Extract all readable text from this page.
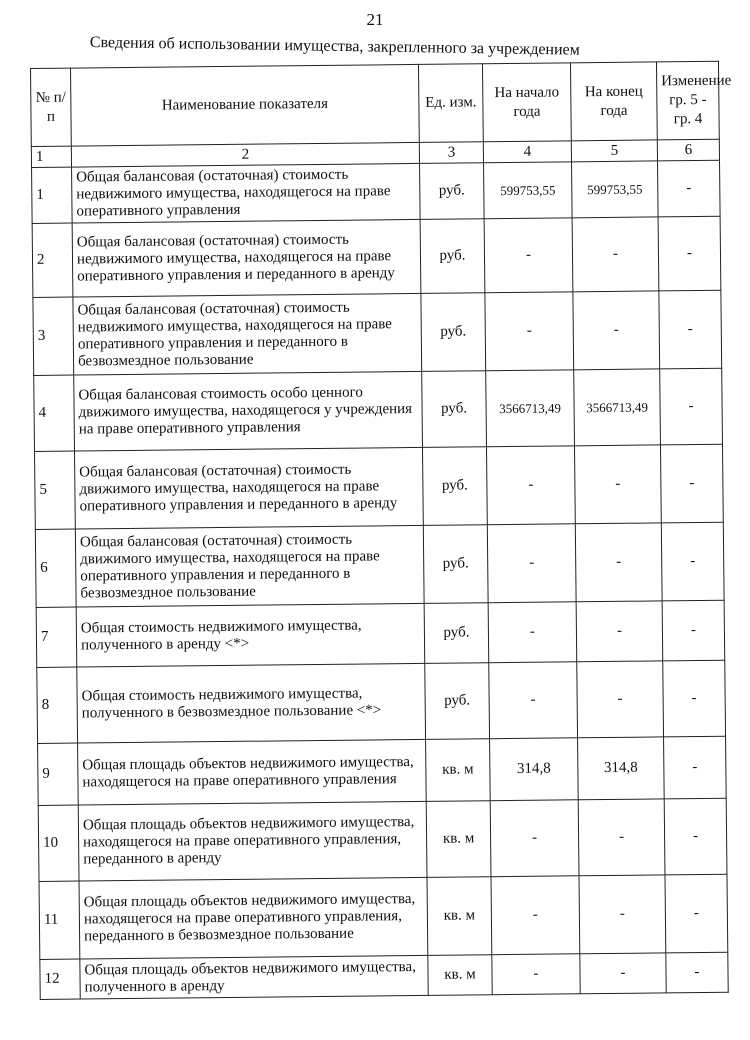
21
Сведения об использовании имущества, закрепленного за учреждением
№ п/п	Наименование показателя	Ед. изм.	На начало года	На конец года	Изменение гр. 5 - гр. 4
1	2	3	4	5	6
1	Общая балансовая (остаточная) стоимость недвижимого имущества, находящегося на праве оперативного управления	руб.	599753,55	599753,55	-
2	Общая балансовая (остаточная) стоимость недвижимого имущества, находящегося на праве оперативного управления и переданного в аренду	руб.	-	-	-
3	Общая балансовая (остаточная) стоимость недвижимого имущества, находящегося на праве оперативного управления и переданного в безвозмездное пользование	руб.	-	-	-
4	Общая балансовая стоимость особо ценного движимого имущества, находящегося у учреждения на праве оперативного управления	руб.	3566713,49	3566713,49	-
5	Общая балансовая (остаточная) стоимость движимого имущества, находящегося на праве оперативного управления и переданного в аренду	руб.	-	-	-
6	Общая балансовая (остаточная) стоимость движимого имущества, находящегося на праве оперативного управления и переданного в безвозмездное пользование	руб.	-	-	-
7	Общая стоимость недвижимого имущества, полученного в аренду <*>	руб.	-	-	-
8	Общая стоимость недвижимого имущества, полученного в безвозмездное пользование <*>	руб.	-	-	-
9	Общая площадь объектов недвижимого имущества, находящегося на праве оперативного управления	кв. м	314,8	314,8	-
10	Общая площадь объектов недвижимого имущества, находящегося на праве оперативного управления, переданного в аренду	кв. м	-	-	-
11	Общая площадь объектов недвижимого имущества, находящегося на праве оперативного управления, переданного в безвозмездное пользование	кв. м	-	-	-
12	Общая площадь объектов недвижимого имущества, полученного в аренду	кв. м	-	-	-
